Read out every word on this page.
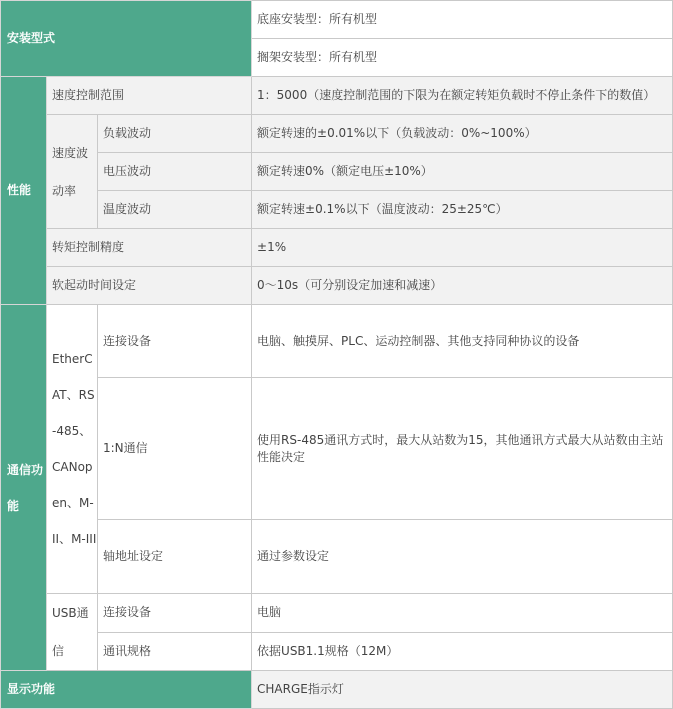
安装型式			底座安装型：所有机型
			搁架安装型：所有机型
性能	速度控制范围		1：5000（速度控制范围的下限为在额定转矩负载时不停止条件下的数值）
	速度波动率	负载波动	额定转速的±0.01%以下（负载波动：0%~100%）
		电压波动	额定转速0%（额定电压±10%）
		温度波动	额定转速±0.1%以下（温度波动：25±25℃）
	转矩控制精度		±1%
	软起动时间设定		0～10s（可分别设定加速和减速）
通信功能	EtherCAT、RS-485、CANopen、M-II、M-III	连接设备	电脑、触摸屏、PLC、运动控制器、其他支持同种协议的设备
		1:N通信	使用RS-485通讯方式时，最大从站数为15，其他通讯方式最大从站数由主站性能决定
		轴地址设定	通过参数设定
	USB通信	连接设备	电脑
		通讯规格	依据USB1.1规格（12M）
显示功能			CHARGE指示灯
